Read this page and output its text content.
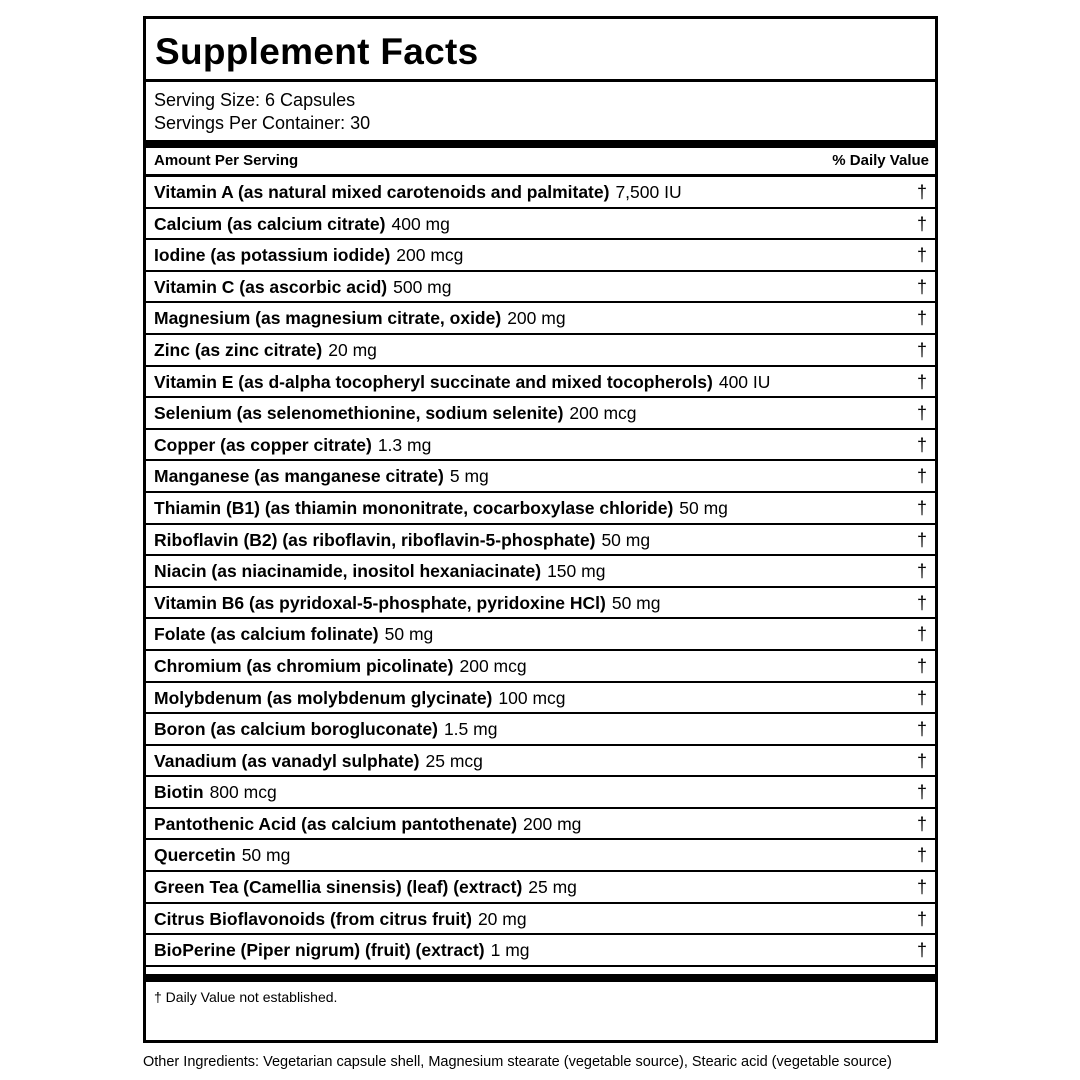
Supplement Facts
Serving Size: 6 Capsules
Servings Per Container: 30
Amount Per Serving	% Daily Value
Vitamin A (as natural mixed carotenoids and palmitate) 7,500 IU	†
Calcium (as calcium citrate) 400 mg	†
Iodine (as potassium iodide) 200 mcg	†
Vitamin C (as ascorbic acid) 500 mg	†
Magnesium (as magnesium citrate, oxide) 200 mg	†
Zinc (as zinc citrate) 20 mg	†
Vitamin E (as d-alpha tocopheryl succinate and mixed tocopherols) 400 IU	†
Selenium (as selenomethionine, sodium selenite) 200 mcg	†
Copper (as copper citrate) 1.3 mg	†
Manganese (as manganese citrate) 5 mg	†
Thiamin (B1) (as thiamin mononitrate, cocarboxylase chloride) 50 mg	†
Riboflavin (B2) (as riboflavin, riboflavin-5-phosphate) 50 mg	†
Niacin (as niacinamide, inositol hexaniacinate) 150 mg	†
Vitamin B6 (as pyridoxal-5-phosphate, pyridoxine HCl) 50 mg	†
Folate (as calcium folinate) 50 mg	†
Chromium (as chromium picolinate) 200 mcg	†
Molybdenum (as molybdenum glycinate) 100 mcg	†
Boron (as calcium borogluconate) 1.5 mg	†
Vanadium (as vanadyl sulphate) 25 mcg	†
Biotin 800 mcg	†
Pantothenic Acid (as calcium pantothenate) 200 mg	†
Quercetin 50 mg	†
Green Tea (Camellia sinensis) (leaf) (extract) 25 mg	†
Citrus Bioflavonoids (from citrus fruit) 20 mg	†
BioPerine (Piper nigrum) (fruit) (extract) 1 mg	†
† Daily Value not established.
Other Ingredients: Vegetarian capsule shell, Magnesium stearate (vegetable source), Stearic acid (vegetable source)
